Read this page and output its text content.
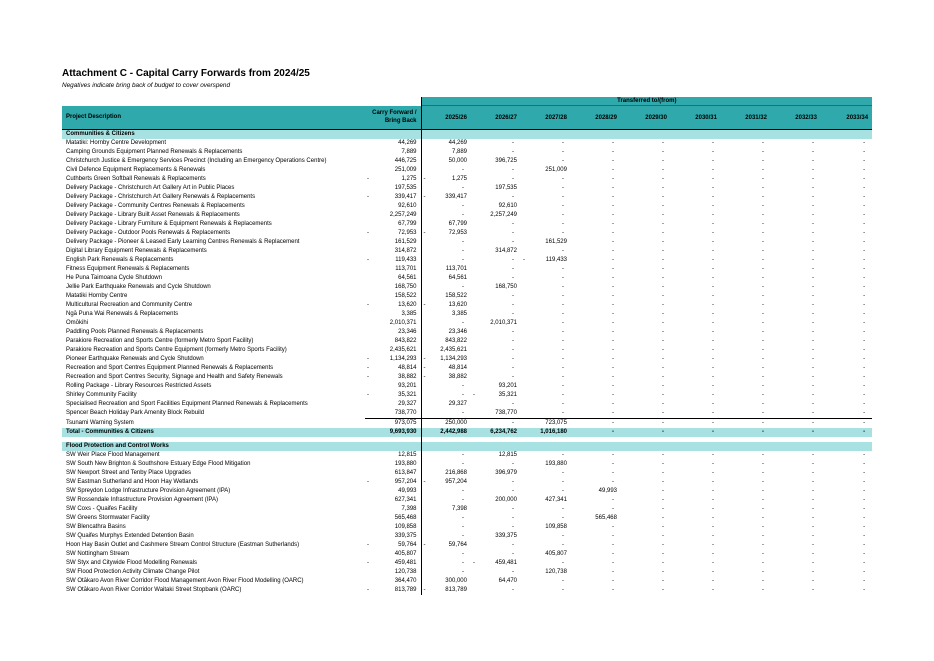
Attachment C - Capital Carry Forwards from 2024/25

Negatives indicate bring back of budget to cover overspend

		Transferred to/(from)								
Project Description	Carry Forward /
Bring Back	2025/26	2026/27	2027/28	2028/29	2029/30	2030/31	2031/32	2032/33	2033/34
Communities & Citizens										
Matatiki: Hornby Centre Development	44,269	44,269	-	-	-	-	-	-	-	-
Camping Grounds Equipment Planned Renewals & Replacements	7,889	7,889	-	-	-	-	-	-	-	-
Christchurch Justice & Emergency Services Precinct (Including an Emergency Operations Centre)	446,725	50,000	396,725	-	-	-	-	-	-	-
Civil Defence Equipment Replacements & Renewals	251,009	-	-	251,009	-	-	-	-	-	-
Cuthberts Green Softball Renewals & Replacements	- 1,275	- 1,275	-	-	-	-	-	-	-	-
Delivery Package - Christchurch Art Gallery Art in Public Places	197,535	-	197,535	-	-	-	-	-	-	-
Delivery Package - Christchurch Art Gallery Renewals & Replacements	- 339,417	- 339,417	-	-	-	-	-	-	-	-
Delivery Package - Community Centres Renewals & Replacements	92,610	-	92,610	-	-	-	-	-	-	-
Delivery Package - Library Built Asset Renewals & Replacements	2,257,249	-	2,257,249	-	-	-	-	-	-	-
Delivery Package - Library Furniture & Equipment Renewals & Replacements	67,799	67,799	-	-	-	-	-	-	-	-
Delivery Package - Outdoor Pools Renewals & Replacements	- 72,953	- 72,953	-	-	-	-	-	-	-	-
Delivery Package - Pioneer & Leased Early Learning Centres Renewals & Replacement	161,529	-	-	161,529	-	-	-	-	-	-
Digital Library Equipment Renewals & Replacements	314,872	-	314,872	-	-	-	-	-	-	-
English Park Renewals & Replacements	- 119,433	-	-	- 119,433	-	-	-	-	-	-
Fitness Equipment Renewals & Replacements	113,701	113,701	-	-	-	-	-	-	-	-
He Puna Taimoana Cycle Shutdown	64,561	64,561	-	-	-	-	-	-	-	-
Jellie Park Earthquake Renewals and Cycle Shutdown	168,750	-	168,750	-	-	-	-	-	-	-
Matatiki Hornby Centre	158,522	158,522	-	-	-	-	-	-	-	-
Multicultural Recreation and Community Centre	- 13,620	- 13,620	-	-	-	-	-	-	-	-
Ngā Puna Wai Renewals & Replacements	3,385	3,385	-	-	-	-	-	-	-	-
Ōmōkihi	2,010,371	-	2,010,371	-	-	-	-	-	-	-
Paddling Pools Planned Renewals & Replacements	23,346	23,346	-	-	-	-	-	-	-	-
Parakiore Recreation and Sports Centre (formerly Metro Sport Facility)	843,822	843,822	-	-	-	-	-	-	-	-
Parakiore Recreation and Sports Centre Equipment (formerly Metro Sports Facility)	2,435,621	2,435,621	-	-	-	-	-	-	-	-
Pioneer Earthquake Renewals and Cycle Shutdown	- 1,134,293	- 1,134,293	-	-	-	-	-	-	-	-
Recreation and Sport Centres Equipment Planned Renewals & Replacements	- 48,814	- 48,814	-	-	-	-	-	-	-	-
Recreation and Sport Centres Security, Signage and Health and Safety Renewals	- 38,882	- 38,882	-	-	-	-	-	-	-	-
Rolling Package - Library Resources Restricted Assets	93,201	-	93,201	-	-	-	-	-	-	-
Shirley Community Facility	- 35,321	-	- 35,321	-	-	-	-	-	-	-
Specialised Recreation and Sport Facilities Equipment Planned Renewals & Replacements	29,327	29,327	-	-	-	-	-	-	-	-
Spencer Beach Holiday Park Amenity Block Rebuild	738,770	-	738,770	-	-	-	-	-	-	-
Tsunami Warning System	973,075	250,000	-	723,075	-	-	-	-	-	-
Total - Communities & Citizens	9,693,930	2,442,988	6,234,762	1,016,180	-	-	-	-	-	-

Flood Protection and Control Works										
SW Weir Place Flood Management	12,815	-	12,815	-	-	-	-	-	-	-
SW South New Brighton & Southshore Estuary Edge Flood Mitigation	193,880	-	-	193,880	-	-	-	-	-	-
SW Newport Street and Tenby Place Upgrades	613,847	216,868	396,979	-	-	-	-	-	-	-
SW Eastman Sutherland and Hoon Hay Wetlands	- 957,204	- 957,204	-	-	-	-	-	-	-	-
SW Spreydon Lodge Infrastructure Provision Agreement (IPA)	49,993	-	-	-	49,993	-	-	-	-	-
SW Rossendale Infrastructure Provision Agreement (IPA)	627,341	-	200,000	427,341	-	-	-	-	-	-
SW Coxs - Quaifes Facility	7,398	7,398	-	-	-	-	-	-	-	-
SW Greens Stormwater Facility	565,468	-	-	-	565,468	-	-	-	-	-
SW Blencathra Basins	109,858	-	-	109,858	-	-	-	-	-	-
SW Quaifes Murphys Extended Detention Basin	339,375	-	339,375	-	-	-	-	-	-	-
Hoon Hay Basin Outlet and Cashmere Stream Control Structure (Eastman Sutherlands)	- 59,764	- 59,764	-	-	-	-	-	-	-	-
SW Nottingham Stream	405,807	-	-	405,807	-	-	-	-	-	-
SW Styx and Citywide Flood Modelling Renewals	- 459,481	-	- 459,481	-	-	-	-	-	-	-
SW Flood Protection Activity Climate Change Pilot	120,738	-	-	120,738	-	-	-	-	-	-
SW Ōtākaro Avon River Corridor Flood Management Avon River Flood Modelling (OARC)	364,470	300,000	64,470	-	-	-	-	-	-	-
SW Ōtākaro Avon River Corridor Waitaki Street Stopbank (OARC)	- 813,789	- 813,789	-	-	-	-	-	-	-	-
